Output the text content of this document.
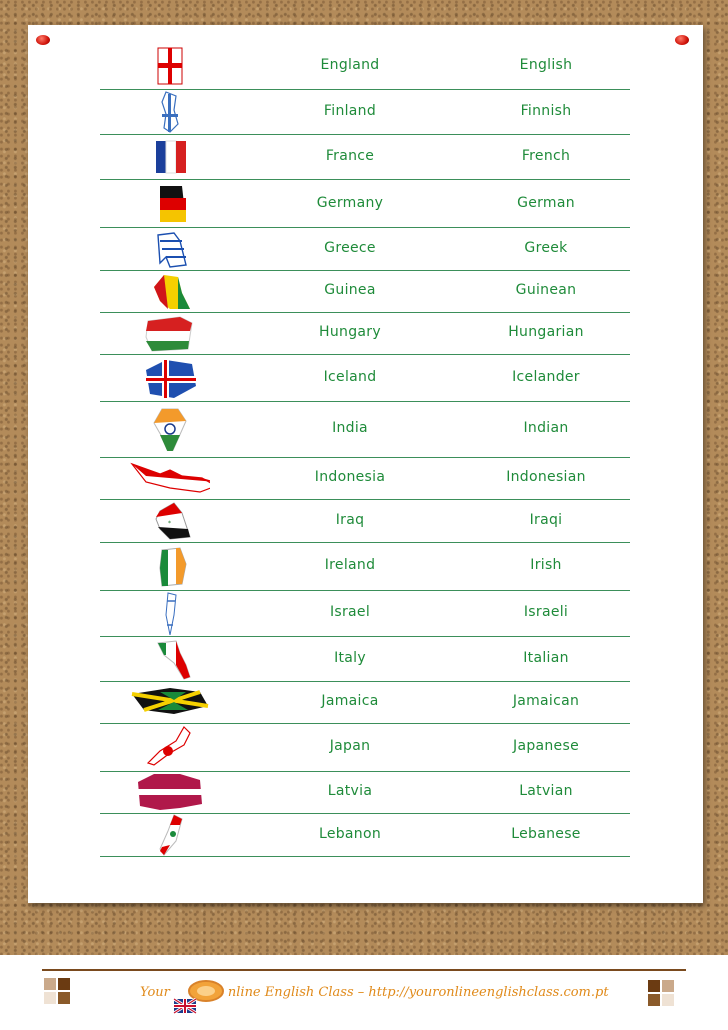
England	English
Finland	Finnish
France	French
Germany	German
Greece	Greek
Guinea	Guinean
Hungary	Hungarian
Iceland	Icelander
India	Indian
Indonesia	Indonesian
*	Iraq	Iraqi
Ireland	Irish
Israel	Israeli
Italy	Italian
Jamaica	Jamaican
Japan	Japanese
Latvia	Latvian
Lebanon	Lebanese
Your	nline English Class – http://youronlineenglishclass.com.pt
